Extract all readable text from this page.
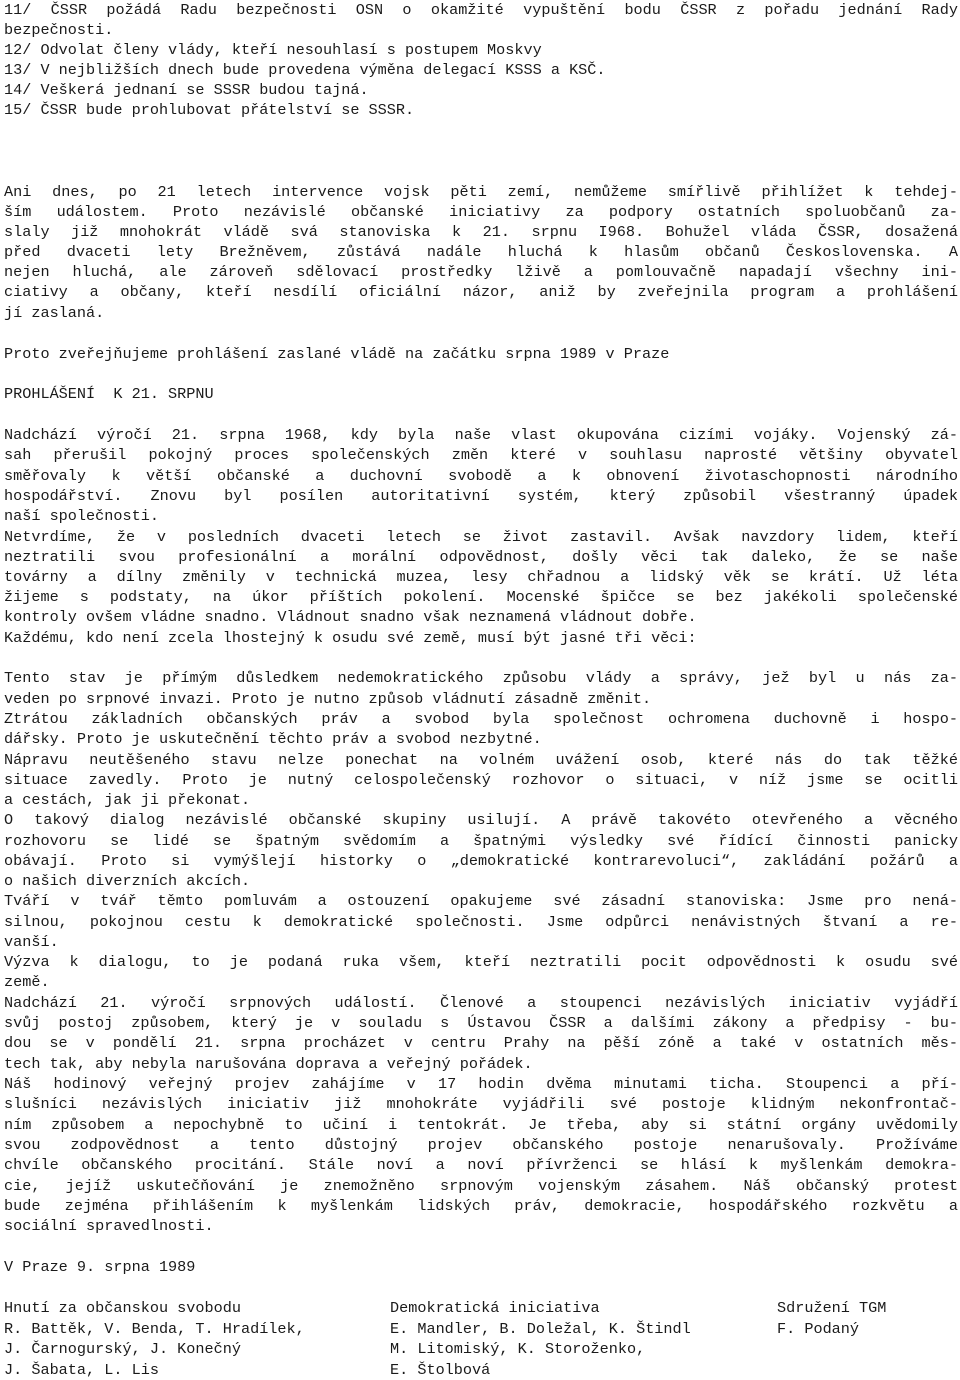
11/ ČSSR požádá Radu bezpečnosti OSN o okamžité vypuštění bodu ČSSR z pořadu jednání Rady
bezpečnosti.
12/ Odvolat členy vlády, kteří nesouhlasí s postupem Moskvy
13/ V nejbližších dnech bude provedena výměna delegací KSSS a KSČ.
14/ Veškerá jednaní se SSSR budou tajná.
15/ ČSSR bude prohlubovat přátelství se SSSR.
Ani dnes, po 21 letech intervence vojsk pěti zemí, nemůžeme smířlivě přihlížet k tehdej-
ším událostem. Proto nezávislé občanské iniciativy za podpory ostatních spoluobčanů za-
slaly již mnohokrát vládě svá stanoviska k 21. srpnu I968. Bohužel vláda ČSSR, dosažená
před dvaceti lety Brežněvem, zůstává nadále hluchá k hlasům občanů Československa. A
nejen hluchá, ale zároveň sdělovací prostředky lživě a pomlouvačně napadají všechny ini-
ciativy a občany, kteří nesdílí oficiální názor, aniž by zveřejnila program a prohlášení
jí zaslaná.
Proto zveřejňujeme prohlášení zaslané vládě na začátku srpna 1989 v Praze
PROHLÁŠENÍ  K 21. SRPNU
Nadchází výročí 21. srpna 1968, kdy byla naše vlast okupována cizími vojáky. Vojenský zá-
sah přerušil pokojný proces společenských změn které v souhlasu naprosté většiny obyvatel
směřovaly k větší občanské a duchovní svobodě a k obnovení životaschopnosti národního
hospodářství. Znovu byl posílen autoritativní systém, který způsobil všestranný úpadek
naší společnosti.
Netvrdíme, že v posledních dvaceti letech se život zastavil. Avšak navzdory lidem, kteří
neztratili svou profesionální a morální odpovědnost, došly věci tak daleko, že se naše
továrny a dílny změnily v technická muzea, lesy chřadnou a lidský věk se krátí. Už léta
žijeme s podstaty, na úkor příštích pokolení. Mocenské špičce se bez jakékoli společenské
kontroly ovšem vládne snadno. Vládnout snadno však neznamená vládnout dobře.
Každému, kdo není zcela lhostejný k osudu své země, musí být jasné tři věci:
Tento stav je přímým důsledkem nedemokratického způsobu vlády a správy, jež byl u nás za-
veden po srpnové invazi. Proto je nutno způsob vládnutí zásadně změnit.
Ztrátou základních občanských práv a svobod byla společnost ochromena duchovně i hospo-
dářsky. Proto je uskutečnění těchto práv a svobod nezbytné.
Nápravu neutěšeného stavu nelze ponechat na volném uvážení osob, které nás do tak těžké
situace zavedly. Proto je nutný celospolečenský rozhovor o situaci, v níž jsme se ocitli
a cestách, jak ji překonat.
O takový dialog nezávislé občanské skupiny usilují. A právě takovéto otevřeného a věcného
rozhovoru se lidé se špatným svědomím a špatnými výsledky své řídící činnosti panicky
obávají. Proto si vymýšlejí historky o „demokratické kontrarevoluci“, zakládání požárů a
o našich diverzních akcích.
Tváří v tvář těmto pomluvám a ostouzení opakujeme své zásadní stanoviska: Jsme pro nená-
silnou, pokojnou cestu k demokratické společnosti. Jsme odpůrci nenávistných štvaní a re-
vanší.
Výzva k dialogu, to je podaná ruka všem, kteří neztratili pocit odpovědnosti k osudu své
země.
Nadchází 21. výročí srpnových událostí. Členové a stoupenci nezávislých iniciativ vyjádří
svůj postoj způsobem, který je v souladu s Ústavou ČSSR a dalšími zákony a předpisy - bu-
dou se v pondělí 21. srpna procházet v centru Prahy na pěší zóně a také v ostatních měs-
tech tak, aby nebyla narušována doprava a veřejný pořádek.
Náš hodinový veřejný projev zahájíme v 17 hodin dvěma minutami ticha. Stoupenci a pří-
slušníci nezávislých iniciativ již mnohokráte vyjádřili své postoje klidným nekonfrontač-
ním způsobem a nepochybně to učiní i tentokrát. Je třeba, aby si státní orgány uvědomily
svou zodpovědnost a tento důstojný projev občanského postoje nenarušovaly. Prožíváme
chvíle občanského procitání. Stále noví a noví přívrženci se hlásí k myšlenkám demokra-
cie, jejíž uskutečňování je znemožněno srpnovým vojenským zásahem. Náš občanský protest
bude zejména přihlášením k myšlenkám lidských práv, demokracie, hospodářského rozkvětu a
sociální spravedlnosti.
V Praze 9. srpna 1989
Hnutí za občanskou svobodu
R. Battěk, V. Benda, T. Hradílek,
J. Čarnogurský, J. Konečný
J. Šabata, L. Lis
Demokratická iniciativa
E. Mandler, B. Doležal, K. Štindl
M. Litomiský, K. Storoženko,
E. Štolbová
Sdružení TGM
F. Podaný
